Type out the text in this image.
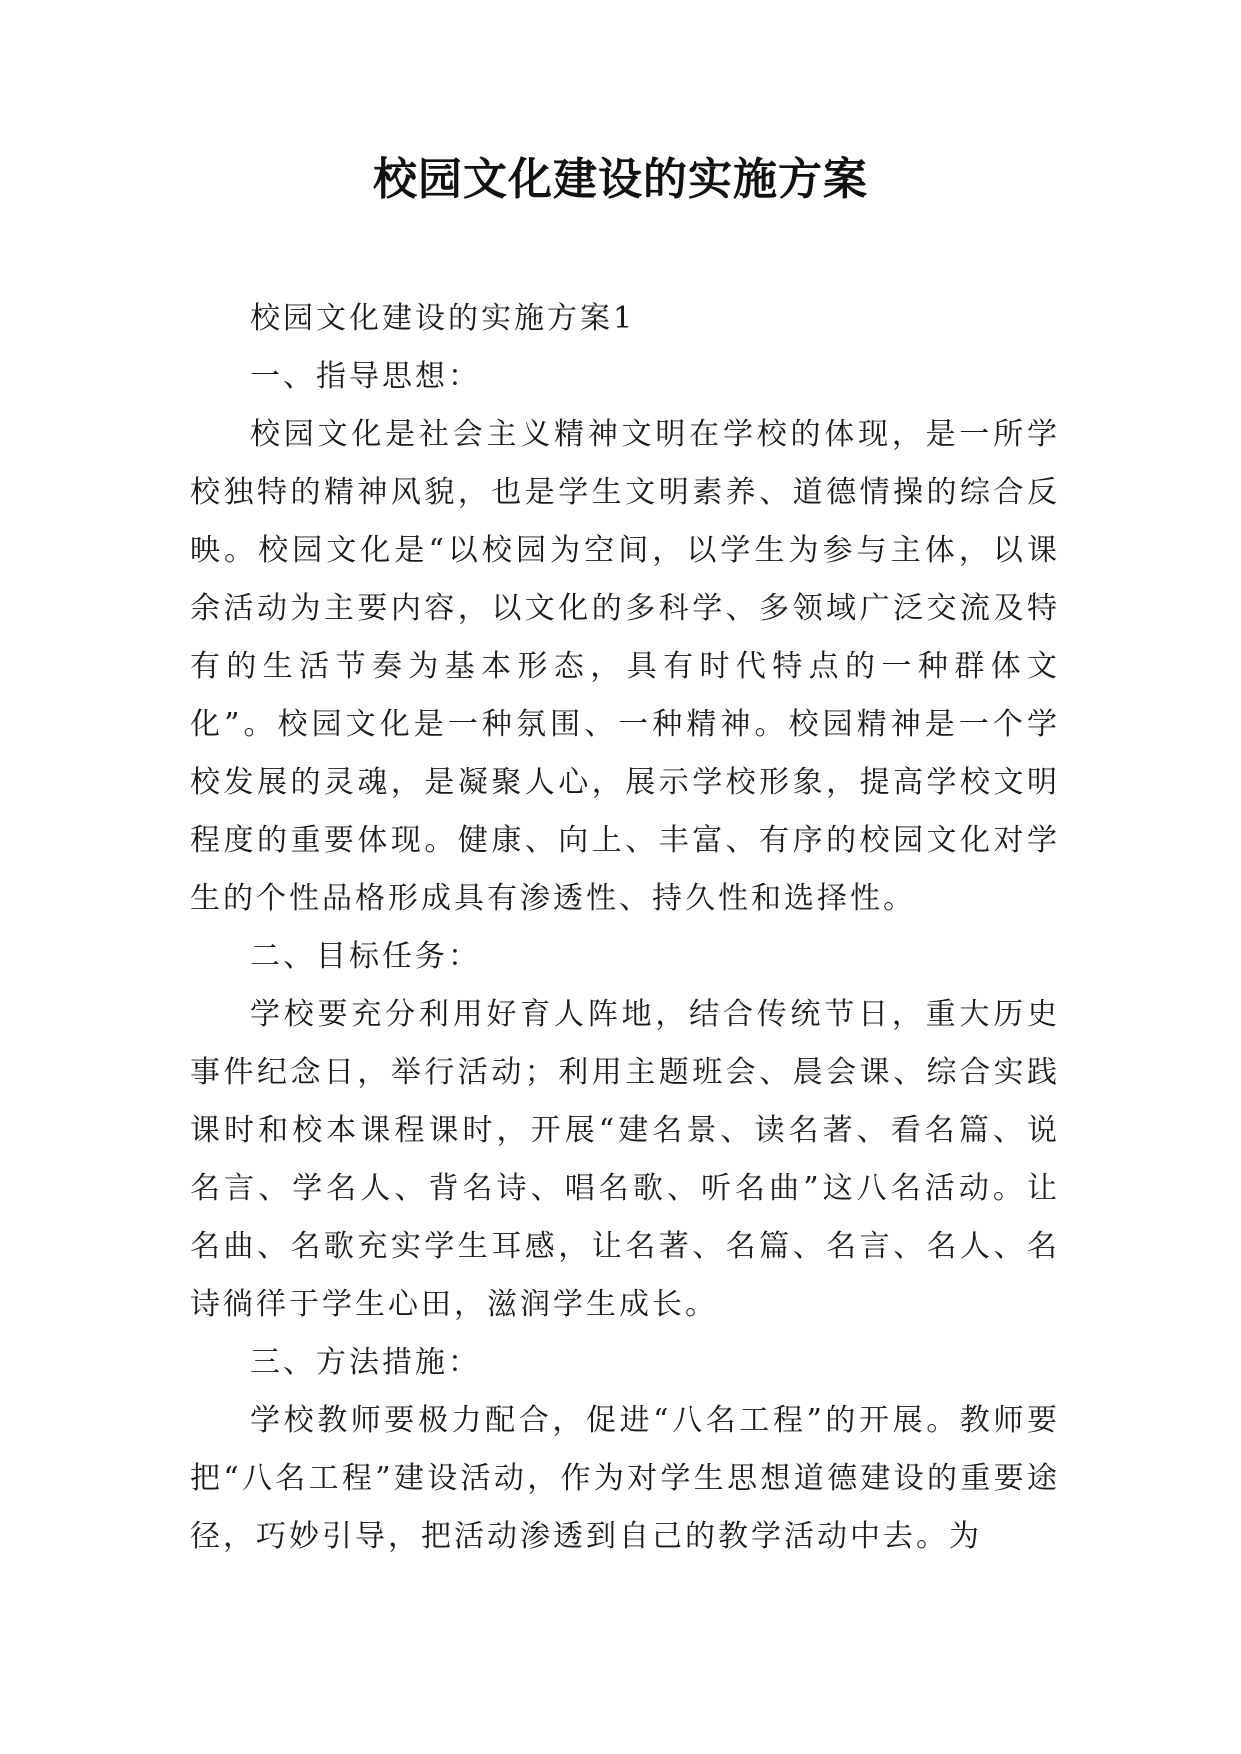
校园文化建设的实施方案

校园文化建设的实施方案1

一、指导思想：

校园文化是社会主义精神文明在学校的体现，是一所学校独特的精神风貌，也是学生文明素养、道德情操的综合反映。校园文化是“以校园为空间，以学生为参与主体，以课余活动为主要内容，以文化的多科学、多领域广泛交流及特有的生活节奏为基本形态，具有时代特点的一种群体文化”。校园文化是一种氛围、一种精神。校园精神是一个学校发展的灵魂，是凝聚人心，展示学校形象，提高学校文明程度的重要体现。健康、向上、丰富、有序的校园文化对学生的个性品格形成具有渗透性、持久性和选择性。

二、目标任务：

学校要充分利用好育人阵地，结合传统节日，重大历史事件纪念日，举行活动；利用主题班会、晨会课、综合实践课时和校本课程课时，开展“建名景、读名著、看名篇、说名言、学名人、背名诗、唱名歌、听名曲”这八名活动。让名曲、名歌充实学生耳感，让名著、名篇、名言、名人、名诗徜徉于学生心田，滋润学生成长。

三、方法措施：

学校教师要极力配合，促进“八名工程”的开展。教师要把“八名工程”建设活动，作为对学生思想道德建设的重要途径，巧妙引导，把活动渗透到自己的教学活动中去。为
